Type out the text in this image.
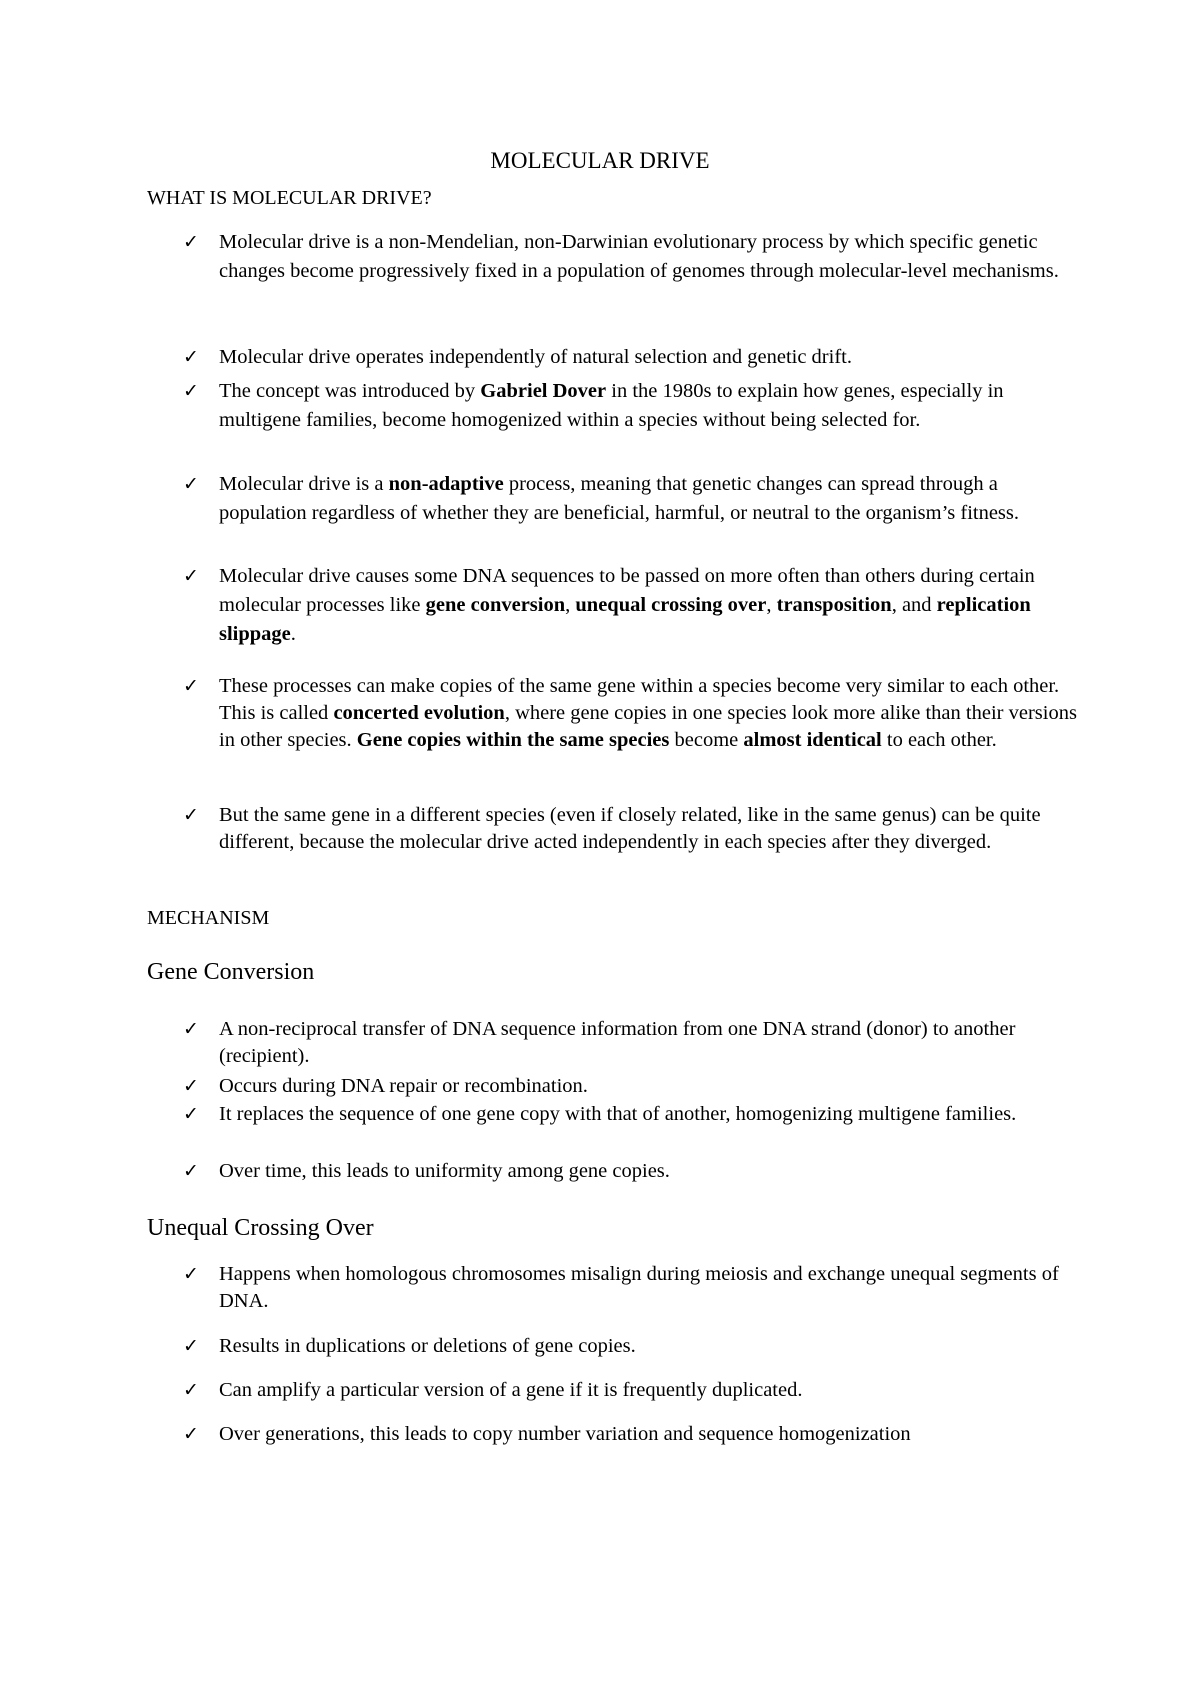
MOLECULAR DRIVE
WHAT IS MOLECULAR DRIVE?
✓ Molecular drive is a non-Mendelian, non-Darwinian evolutionary process by which specific genetic changes become progressively fixed in a population of genomes through molecular-level mechanisms.
✓ Molecular drive operates independently of natural selection and genetic drift.
✓ The concept was introduced by Gabriel Dover in the 1980s to explain how genes, especially in multigene families, become homogenized within a species without being selected for.
✓ Molecular drive is a non-adaptive process, meaning that genetic changes can spread through a population regardless of whether they are beneficial, harmful, or neutral to the organism’s fitness.
✓ Molecular drive causes some DNA sequences to be passed on more often than others during certain molecular processes like gene conversion, unequal crossing over, transposition, and replication slippage.
✓ These processes can make copies of the same gene within a species become very similar to each other. This is called concerted evolution, where gene copies in one species look more alike than their versions in other species. Gene copies within the same species become almost identical to each other.
✓ But the same gene in a different species (even if closely related, like in the same genus) can be quite different, because the molecular drive acted independently in each species after they diverged.
MECHANISM
Gene Conversion
✓ A non-reciprocal transfer of DNA sequence information from one DNA strand (donor) to another (recipient).
✓ Occurs during DNA repair or recombination.
✓ It replaces the sequence of one gene copy with that of another, homogenizing multigene families.
✓ Over time, this leads to uniformity among gene copies.
Unequal Crossing Over
✓ Happens when homologous chromosomes misalign during meiosis and exchange unequal segments of DNA.
✓ Results in duplications or deletions of gene copies.
✓ Can amplify a particular version of a gene if it is frequently duplicated.
✓ Over generations, this leads to copy number variation and sequence homogenization
